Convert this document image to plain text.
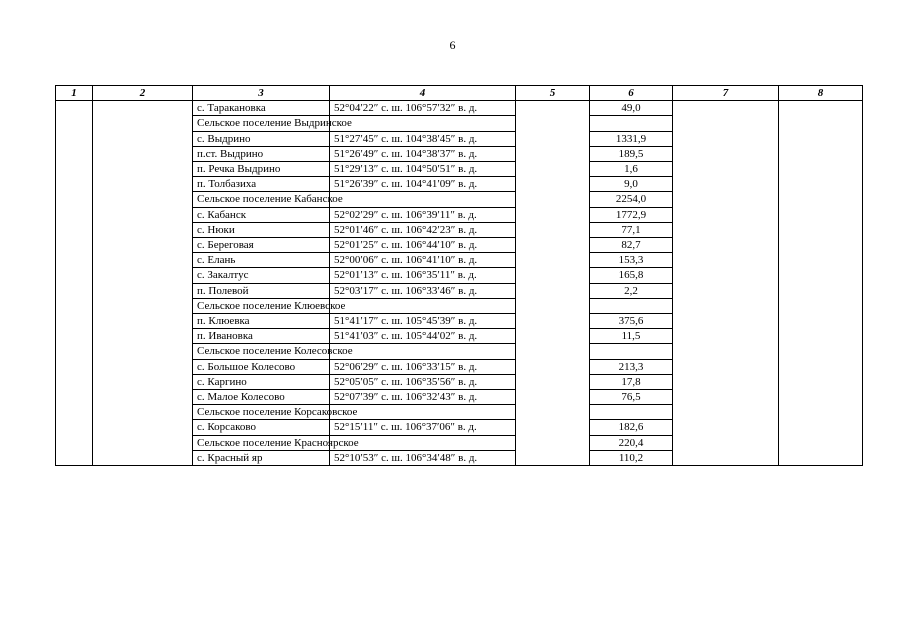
6
1	2	3	4	5	6	7	8
		с. Таракановка	52°04′22″ с. ш. 106°57′32″ в. д.		49,0		
		Сельское поселение Выдринское					
		с. Выдрино	51°27′45″ с. ш. 104°38′45″ в. д.		1331,9		
		п.ст. Выдрино	51°26′49″ с. ш. 104°38′37″ в. д.		189,5		
		п. Речка Выдрино	51°29′13″ с. ш. 104°50′51″ в. д.		1,6		
		п. Толбазиха	51°26′39″ с. ш. 104°41′09″ в. д.		9,0		
		Сельское поселение Кабанское			2254,0		
		с. Кабанск	52°02′29″ с. ш. 106°39′11″ в. д.		1772,9		
		с. Нюки	52°01′46″ с. ш. 106°42′23″ в. д.		77,1		
		с. Береговая	52°01′25″ с. ш. 106°44′10″ в. д.		82,7		
		с. Елань	52°00′06″ с. ш. 106°41′10″ в. д.		153,3		
		с. Закалтус	52°01′13″ с. ш. 106°35′11″ в. д.		165,8		
		п. Полевой	52°03′17″ с. ш. 106°33′46″ в. д.		2,2		
		Сельское поселение Клюевское					
		п. Клюевка	51°41′17″ с. ш. 105°45′39″ в. д.		375,6		
		п. Ивановка	51°41′03″ с. ш. 105°44′02″ в. д.		11,5		
		Сельское поселение Колесовское					
		с. Большое Колесово	52°06′29″ с. ш. 106°33′15″ в. д.		213,3		
		с. Каргино	52°05′05″ с. ш. 106°35′56″ в. д.		17,8		
		с. Малое Колесово	52°07′39″ с. ш. 106°32′43″ в. д.		76,5		
		Сельское поселение Корсаковское					
		с. Корсаково	52°15′11″ с. ш. 106°37′06″ в. д.		182,6		
		Сельское поселение Красноярское			220,4		
		с. Красный яр	52°10′53″ с. ш. 106°34′48″ в. д.		110,2		
